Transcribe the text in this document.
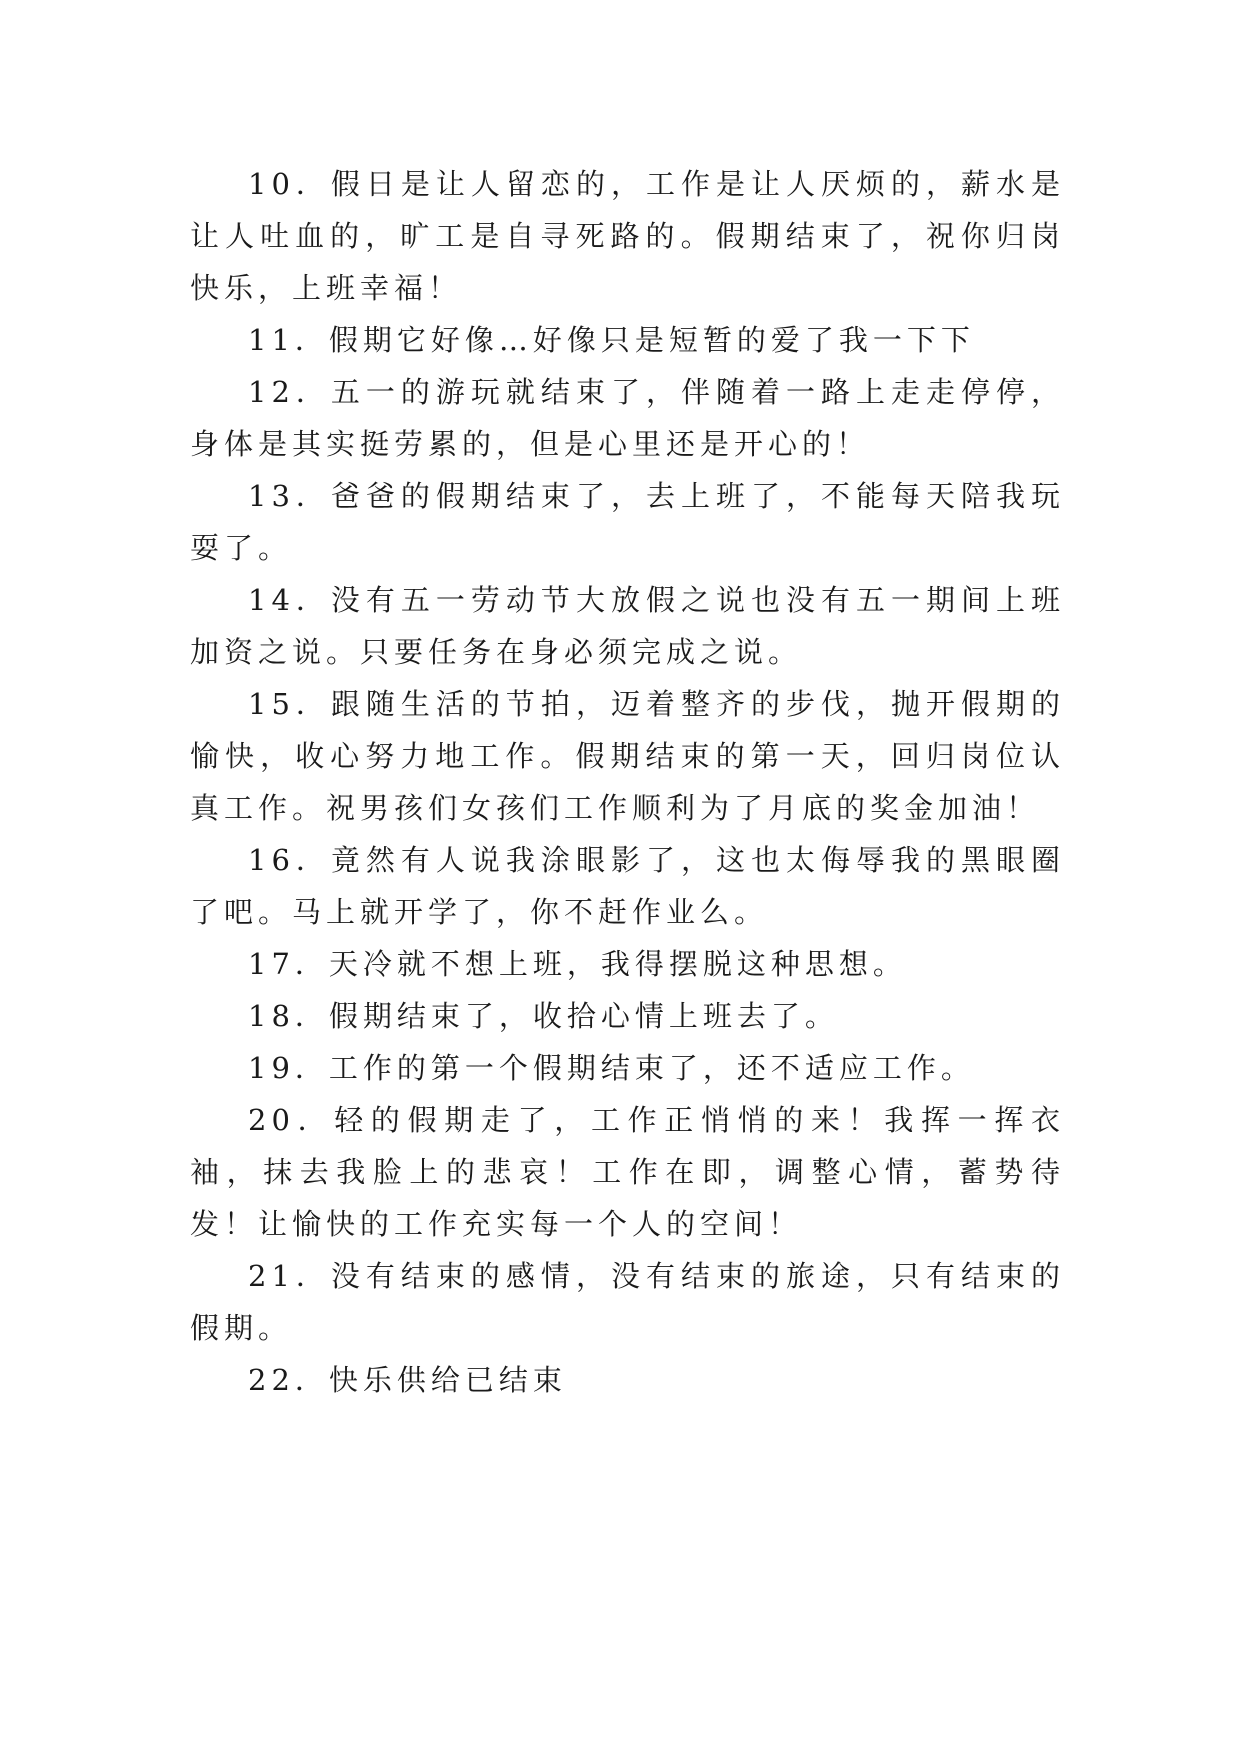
10．假日是让人留恋的，工作是让人厌烦的，薪水是让人吐血的，旷工是自寻死路的。假期结束了，祝你归岗快乐，上班幸福！

11．假期它好像…好像只是短暂的爱了我一下下

12．五一的游玩就结束了，伴随着一路上走走停停，身体是其实挺劳累的，但是心里还是开心的！

13．爸爸的假期结束了，去上班了，不能每天陪我玩耍了。

14．没有五一劳动节大放假之说也没有五一期间上班加资之说。只要任务在身必须完成之说。

15．跟随生活的节拍，迈着整齐的步伐，抛开假期的愉快，收心努力地工作。假期结束的第一天，回归岗位认真工作。祝男孩们女孩们工作顺利为了月底的奖金加油！

16．竟然有人说我涂眼影了，这也太侮辱我的黑眼圈了吧。马上就开学了，你不赶作业么。

17．天冷就不想上班，我得摆脱这种思想。

18．假期结束了，收拾心情上班去了。

19．工作的第一个假期结束了，还不适应工作。

20．轻的假期走了，工作正悄悄的来！我挥一挥衣袖，抹去我脸上的悲哀！工作在即，调整心情，蓄势待发！让愉快的工作充实每一个人的空间！

21．没有结束的感情，没有结束的旅途，只有结束的假期。

22．快乐供给已结束
